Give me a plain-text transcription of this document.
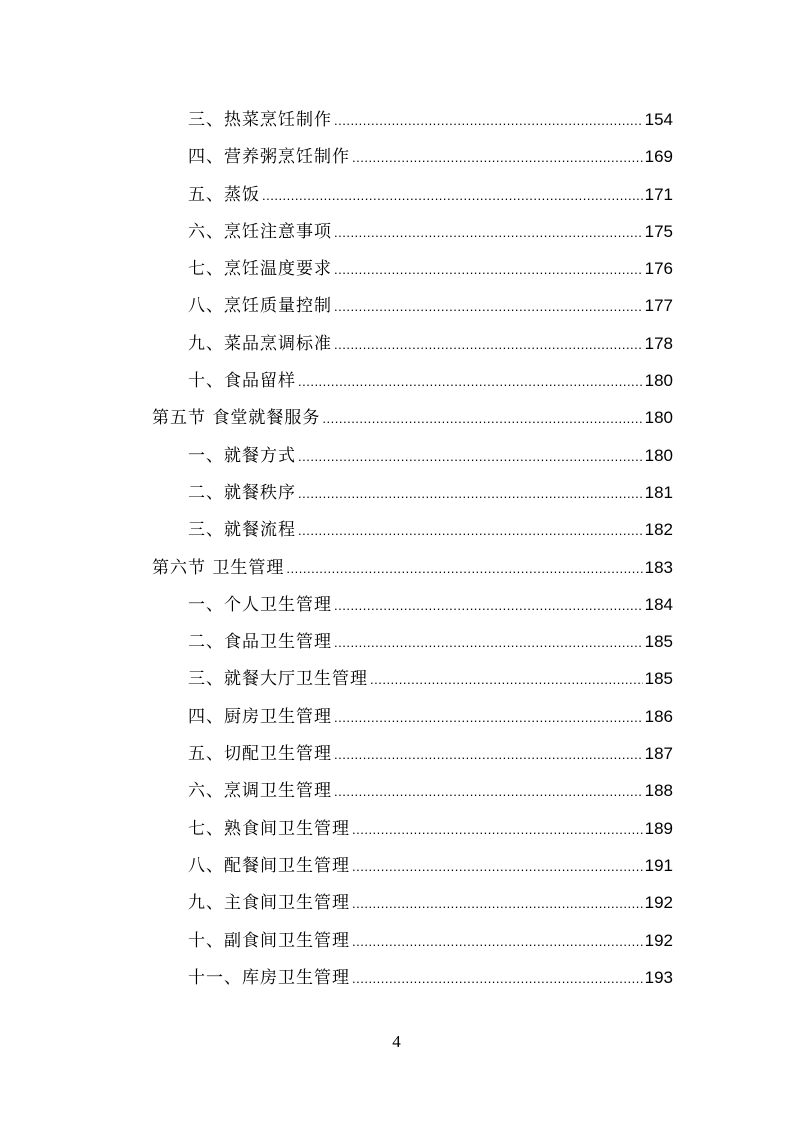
三、热菜烹饪制作 .....	154
四、营养粥烹饪制作 .....	169
五、蒸饭 .....	171
六、烹饪注意事项 .....	175
七、烹饪温度要求 .....	176
八、烹饪质量控制 .....	177
九、菜品烹调标准 .....	178
十、食品留样 .....	180
第五节 食堂就餐服务 .....	180
一、就餐方式 .....	180
二、就餐秩序 .....	181
三、就餐流程 .....	182
第六节 卫生管理 .....	183
一、个人卫生管理 .....	184
二、食品卫生管理 .....	185
三、就餐大厅卫生管理 .....	185
四、厨房卫生管理 .....	186
五、切配卫生管理 .....	187
六、烹调卫生管理 .....	188
七、熟食间卫生管理 .....	189
八、配餐间卫生管理 .....	191
九、主食间卫生管理 .....	192
十、副食间卫生管理 .....	192
十一、库房卫生管理 .....	193
4
